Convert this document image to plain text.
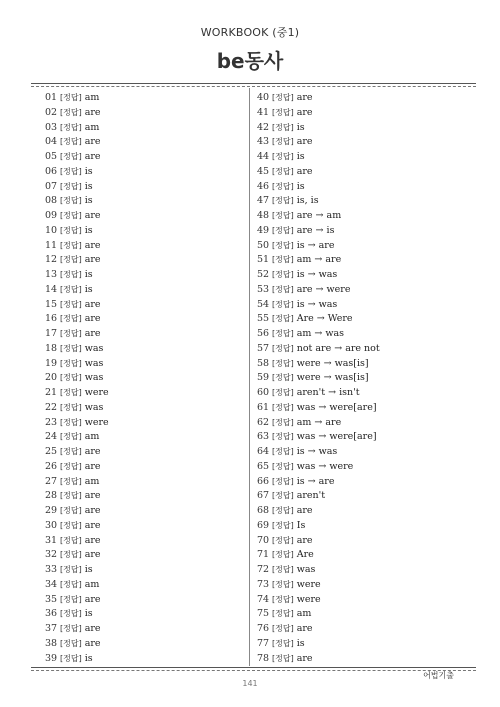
WORKBOOK (중1)
be동사
01 [정답] am
02 [정답] are
03 [정답] am
04 [정답] are
05 [정답] are
06 [정답] is
07 [정답] is
08 [정답] is
09 [정답] are
10 [정답] is
11 [정답] are
12 [정답] are
13 [정답] is
14 [정답] is
15 [정답] are
16 [정답] are
17 [정답] are
18 [정답] was
19 [정답] was
20 [정답] was
21 [정답] were
22 [정답] was
23 [정답] were
24 [정답] am
25 [정답] are
26 [정답] are
27 [정답] am
28 [정답] are
29 [정답] are
30 [정답] are
31 [정답] are
32 [정답] are
33 [정답] is
34 [정답] am
35 [정답] are
36 [정답] is
37 [정답] are
38 [정답] are
39 [정답] is
40 [정답] are
41 [정답] are
42 [정답] is
43 [정답] are
44 [정답] is
45 [정답] are
46 [정답] is
47 [정답] is, is
48 [정답] are → am
49 [정답] are → is
50 [정답] is → are
51 [정답] am → are
52 [정답] is → was
53 [정답] are → were
54 [정답] is → was
55 [정답] Are → Were
56 [정답] am → was
57 [정답] not are → are not
58 [정답] were → was[is]
59 [정답] were → was[is]
60 [정답] aren't → isn't
61 [정답] was → were[are]
62 [정답] am → are
63 [정답] was → were[are]
64 [정답] is → was
65 [정답] was → were
66 [정답] is → are
67 [정답] aren't
68 [정답] are
69 [정답] Is
70 [정답] are
71 [정답] Are
72 [정답] was
73 [정답] were
74 [정답] were
75 [정답] am
76 [정답] are
77 [정답] is
78 [정답] are
141
어법기출
